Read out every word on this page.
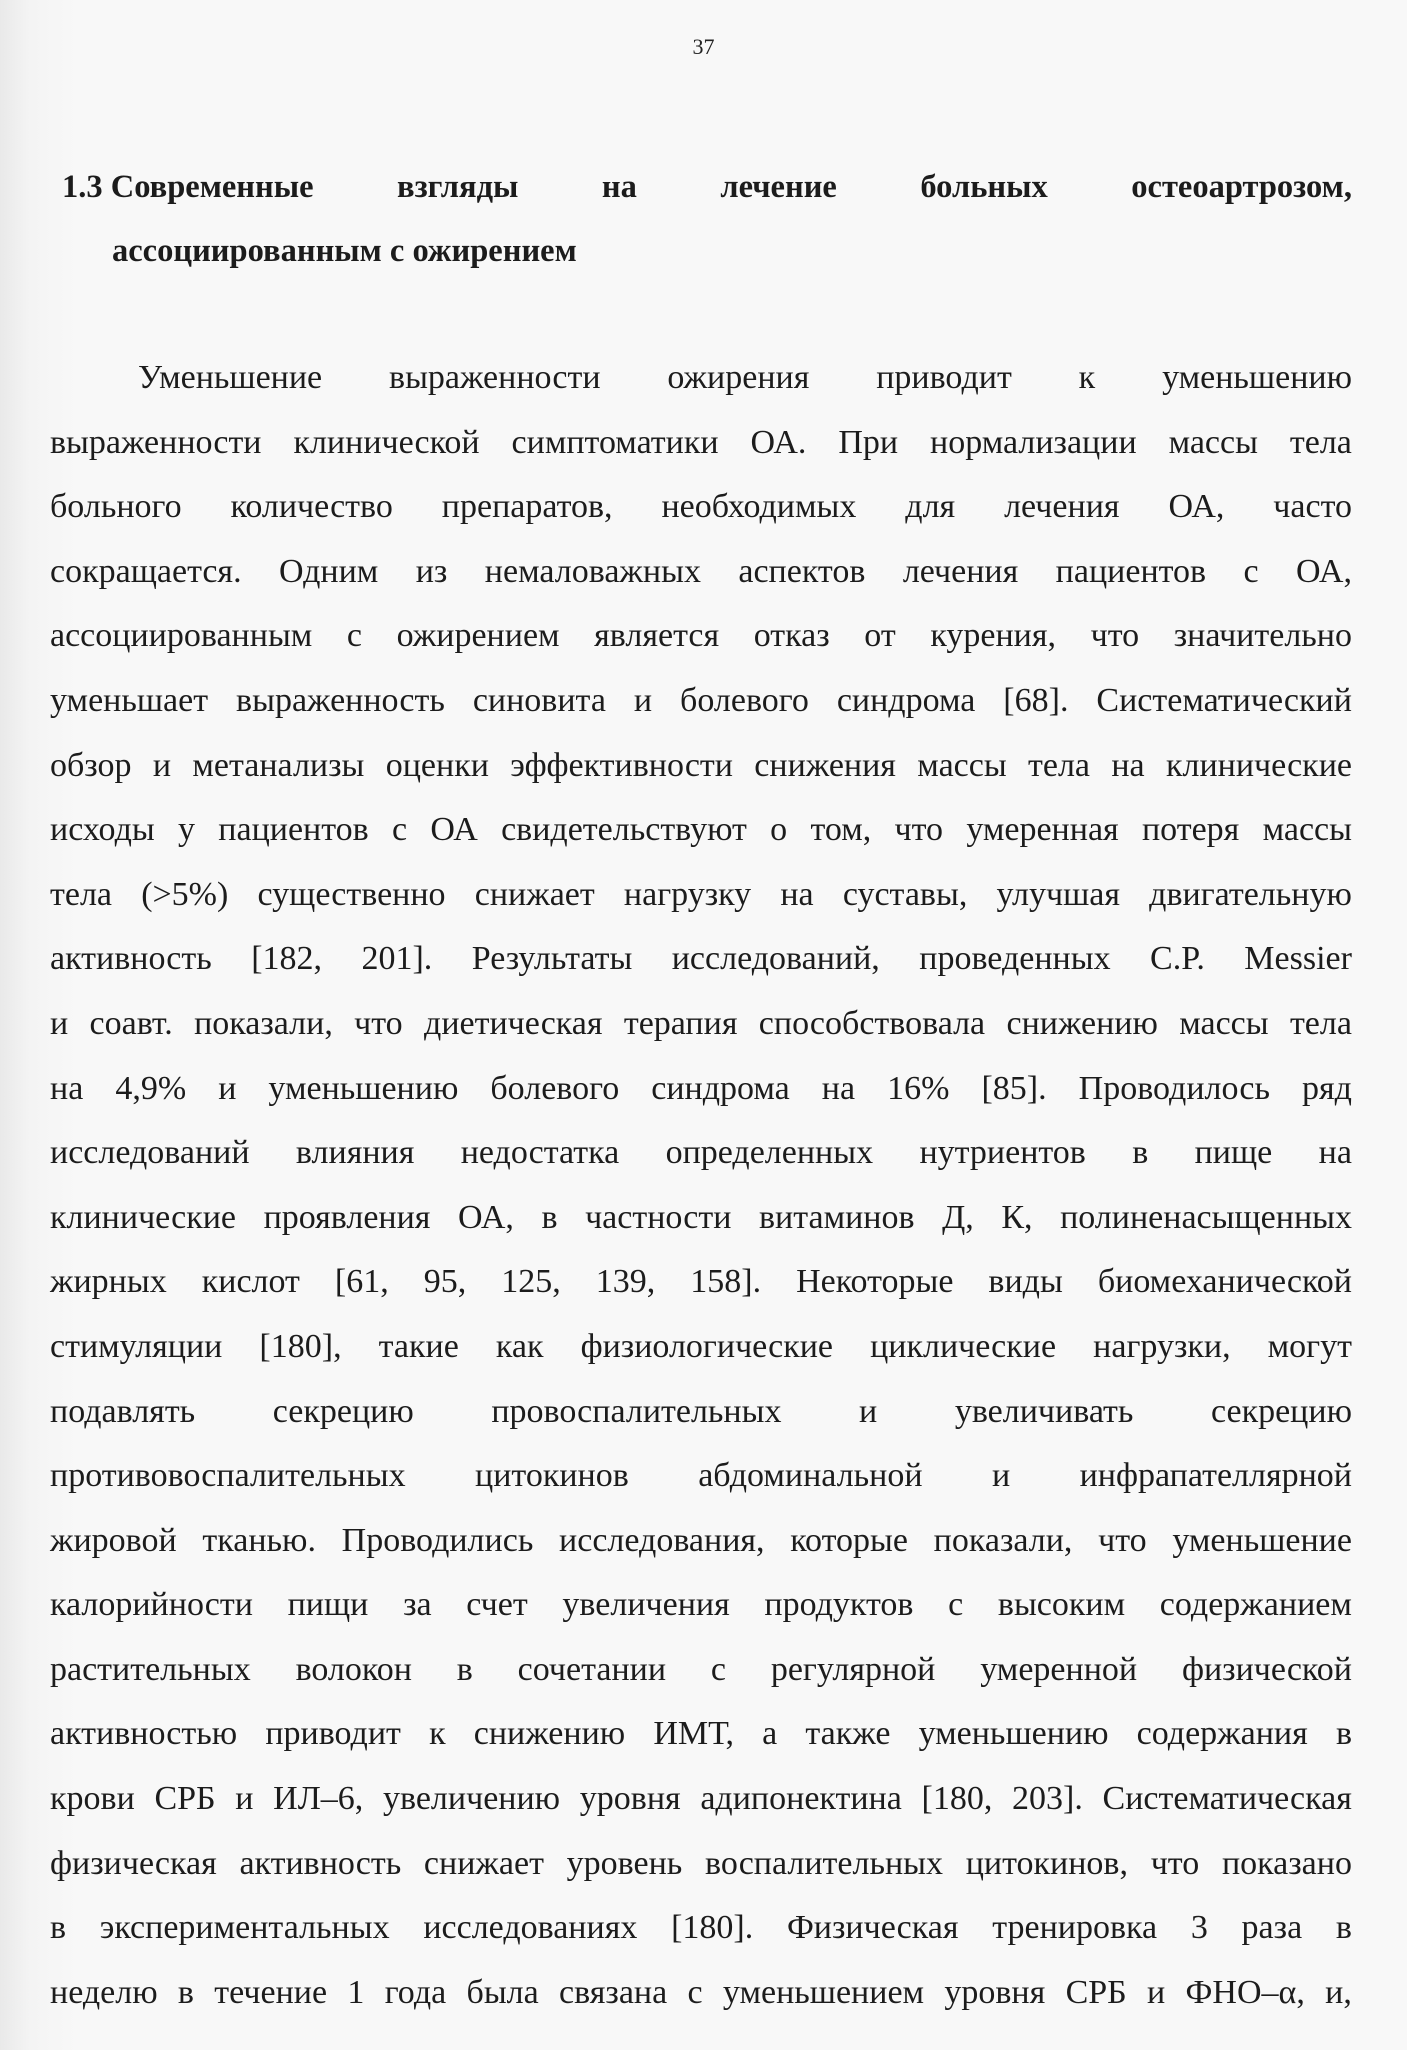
37
1.3 Современные	взгляды	на	лечение	больных	остеоартрозом,
ассоциированным с ожирением
Уменьшение выраженности ожирения приводит к уменьшению
выраженности клинической симптоматики ОА. При нормализации массы тела
больного количество препаратов, необходимых для лечения ОА, часто
сокращается. Одним из немаловажных аспектов лечения пациентов с ОА,
ассоциированным с ожирением является отказ от курения, что значительно
уменьшает выраженность синовита и болевого синдрома [68]. Систематический
обзор и метанализы оценки эффективности снижения массы тела на клинические
исходы у пациентов с ОА свидетельствуют о том, что умеренная потеря массы
тела (>5%) существенно снижает нагрузку на суставы, улучшая двигательную
активность [182, 201]. Результаты исследований, проведенных C.P. Messier
и соавт. показали, что диетическая терапия способствовала снижению массы тела
на 4,9% и уменьшению болевого синдрома на 16% [85]. Проводилось ряд
исследований влияния недостатка определенных нутриентов в пище на
клинические проявления ОА, в частности витаминов Д, К, полиненасыщенных
жирных кислот [61, 95, 125, 139, 158]. Некоторые виды биомеханической
стимуляции [180], такие как физиологические циклические нагрузки, могут
подавлять секрецию провоспалительных и увеличивать секрецию
противовоспалительных цитокинов абдоминальной и инфрапателлярной
жировой тканью. Проводились исследования, которые показали, что уменьшение
калорийности пищи за счет увеличения продуктов с высоким содержанием
растительных волокон в сочетании с регулярной умеренной физической
активностью приводит к снижению ИМТ, а также уменьшению содержания в
крови СРБ и ИЛ–6, увеличению уровня адипонектина [180, 203]. Систематическая
физическая активность снижает уровень воспалительных цитокинов, что показано
в экспериментальных исследованиях [180]. Физическая тренировка 3 раза в
неделю в течение 1 года была связана с уменьшением уровня СРБ и ФНО–α, и,
